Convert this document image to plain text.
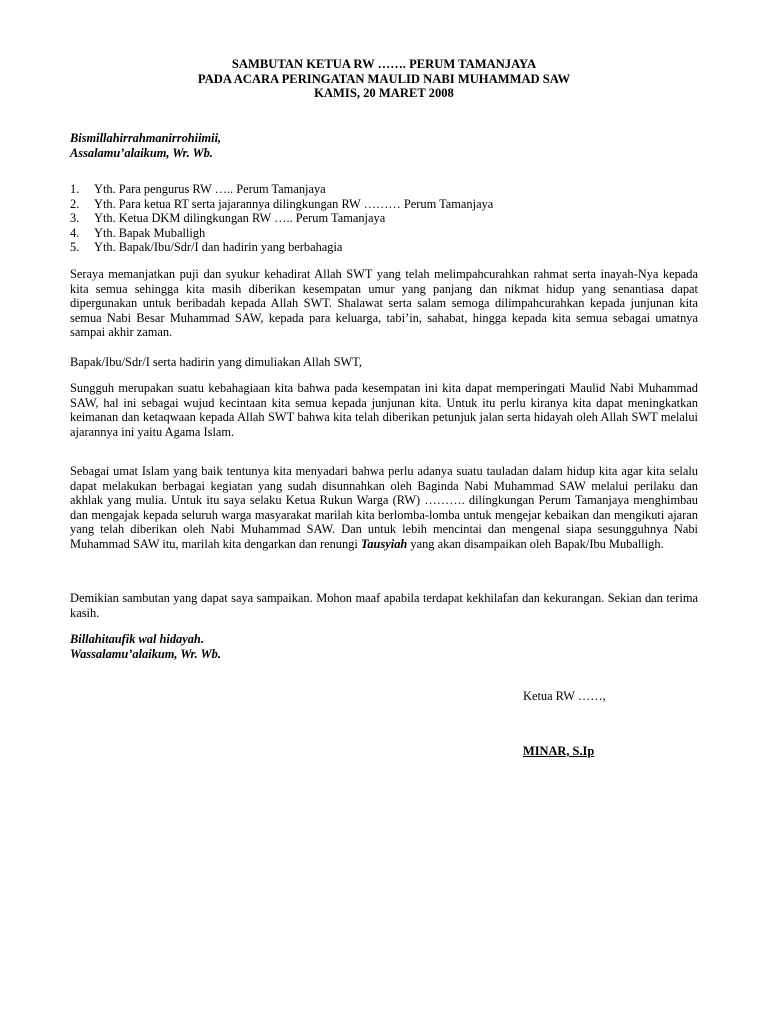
SAMBUTAN KETUA RW ……. PERUM TAMANJAYA
PADA ACARA PERINGATAN MAULID NABI MUHAMMAD SAW
KAMIS, 20 MARET 2008
Bismillahirrahmanirrohiimii,
Assalamu’alaikum, Wr. Wb.
1. Yth. Para pengurus RW ….. Perum Tamanjaya
2. Yth. Para ketua RT serta jajarannya dilingkungan RW ……… Perum Tamanjaya
3. Yth. Ketua DKM dilingkungan RW ….. Perum Tamanjaya
4. Yth. Bapak Muballigh
5. Yth. Bapak/Ibu/Sdr/I dan hadirin yang berbahagia
Seraya memanjatkan puji dan syukur kehadirat Allah SWT yang telah melimpahcurahkan rahmat serta inayah-Nya kepada kita semua sehingga kita masih diberikan kesempatan umur yang panjang dan nikmat hidup yang senantiasa dapat dipergunakan untuk beribadah kepada Allah SWT. Shalawat serta salam semoga dilimpahcurahkan kepada junjunan kita semua Nabi Besar Muhammad SAW, kepada para keluarga, tabi’in, sahabat, hingga kepada kita semua sebagai umatnya sampai akhir zaman.
Bapak/Ibu/Sdr/I serta hadirin yang dimuliakan Allah SWT,
Sungguh merupakan suatu kebahagiaan kita bahwa pada kesempatan ini kita dapat memperingati Maulid Nabi Muhammad SAW, hal ini sebagai wujud kecintaan kita semua kepada junjunan kita. Untuk itu perlu kiranya kita dapat meningkatkan keimanan dan ketaqwaan kepada Allah SWT bahwa kita telah diberikan petunjuk jalan serta hidayah oleh Allah SWT melalui ajarannya ini yaitu Agama Islam.
Sebagai umat Islam yang baik tentunya kita menyadari bahwa perlu adanya suatu tauladan dalam hidup kita agar kita selalu dapat melakukan berbagai kegiatan yang sudah disunnahkan oleh Baginda Nabi Muhammad SAW melalui perilaku dan akhlak yang mulia. Untuk itu saya selaku Ketua Rukun Warga (RW) ………. dilingkungan Perum Tamanjaya menghimbau dan mengajak kepada seluruh warga masyarakat marilah kita berlomba-lomba untuk mengejar kebaikan dan mengikuti ajaran yang telah diberikan oleh Nabi Muhammad SAW. Dan untuk lebih mencintai dan mengenal siapa sesungguhnya Nabi Muhammad SAW itu, marilah kita dengarkan dan renungi Tausyiah yang akan disampaikan oleh Bapak/Ibu Muballigh.
Demikian sambutan yang dapat saya sampaikan. Mohon maaf apabila terdapat kekhilafan dan kekurangan. Sekian dan terima kasih.
Billahitaufik wal hidayah.
Wassalamu’alaikum, Wr. Wb.
Ketua RW ……,
MINAR, S.Ip
